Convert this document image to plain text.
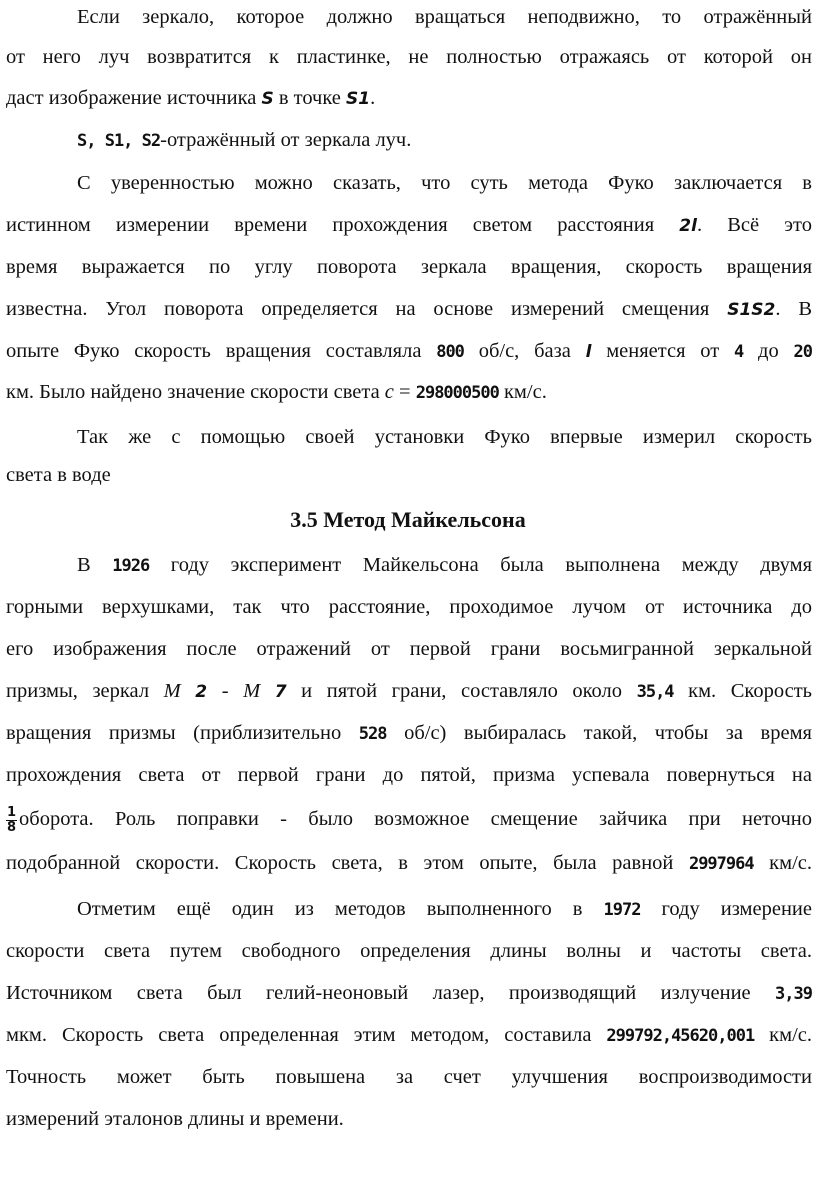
Если зеркало, которое должно вращаться неподвижно, то отражённый
от него луч возвратится к пластинке, не полностью отражаясь от которой он
даст изображение источника S в точке S1.
S, S1, S2-отражённый от зеркала луч.
С уверенностью можно сказать, что суть метода Фуко заключается в
истинном измерении времени прохождения светом расстояния 2l. Всё это
время выражается по углу поворота зеркала вращения, скорость вращения
известна. Угол поворота определяется на основе измерений смещения S1S2. В
опыте Фуко скорость вращения составляла 800 об/с, база l меняется от 4 до 20
км. Было найдено значение скорости света c = 298000500 км/с.
Так же с помощью своей установки Фуко впервые измерил скорость
света в воде
3.5 Метод Майкельсона
В 1926 году эксперимент Майкельсона была выполнена между двумя
горными верхушками, так что расстояние, проходимое лучом от источника до
его изображения после отражений от первой грани восьмигранной зеркальной
призмы, зеркал M 2 - M 7 и пятой грани, составляло около 35,4 км. Скорость
вращения призмы (приблизительно 528 об/с) выбиралась такой, чтобы за время
прохождения света от первой грани до пятой, призма успевала повернуться на
$\frac{1}{8}$ оборота. Роль поправки - было возможное смещение зайчика при неточно
подобранной скорости. Скорость света, в этом опыте, была равной 2997964 км/с.
Отметим ещё один из методов выполненного в 1972 году измерение
скорости света путем свободного определения длины волны и частоты света.
Источником света был гелий-неоновый лазер, производящий излучение 3,39
мкм. Скорость света определенная этим методом, составила 299792,45620,001 км/с.
Точность может быть повышена за счет улучшения воспроизводимости
измерений эталонов длины и времени.
